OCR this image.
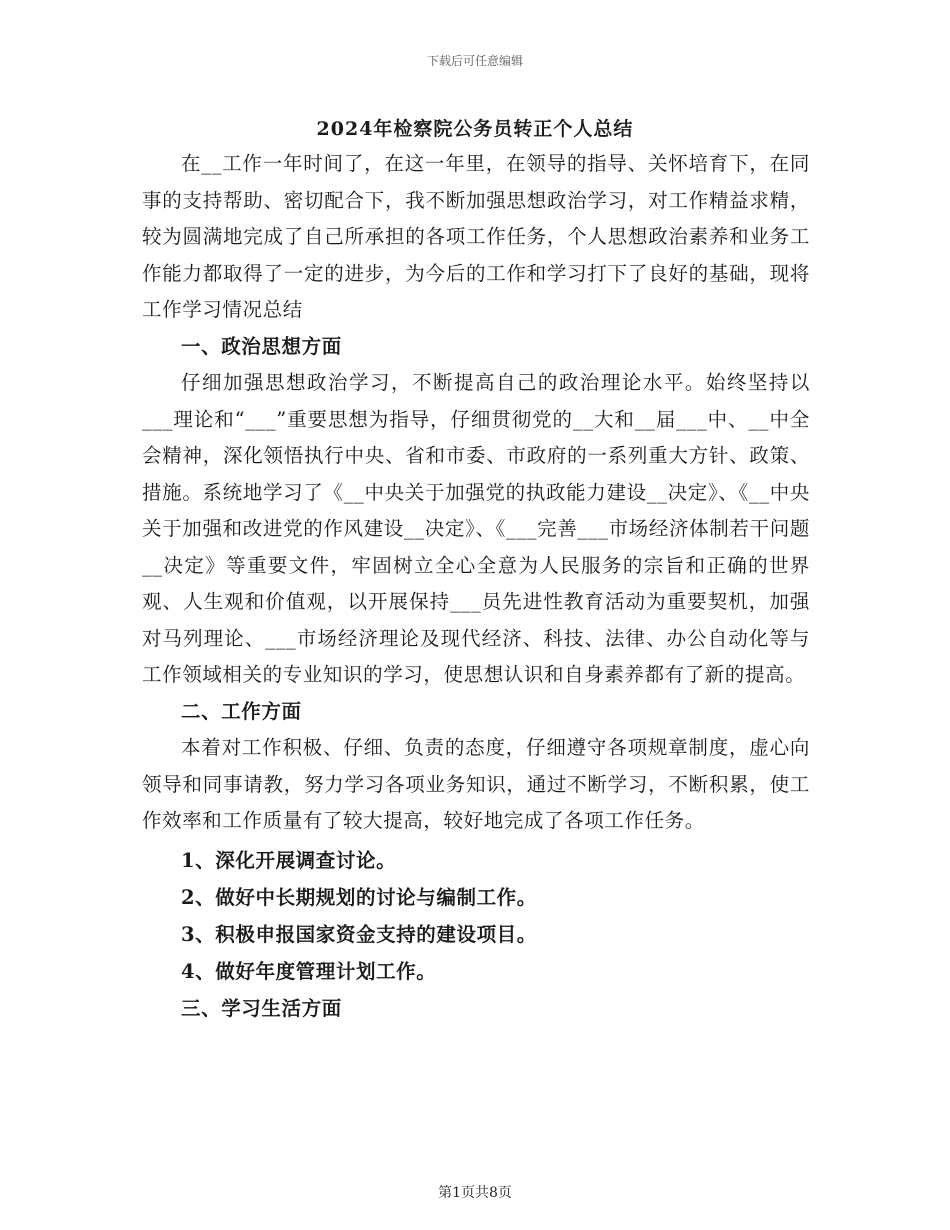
下载后可任意编辑
2024年检察院公务员转正个人总结

在__工作一年时间了，在这一年里，在领导的指导、关怀培育下，在同事的支持帮助、密切配合下，我不断加强思想政治学习，对工作精益求精，较为圆满地完成了自己所承担的各项工作任务，个人思想政治素养和业务工作能力都取得了一定的进步，为今后的工作和学习打下了良好的基础，现将工作学习情况总结

一、政治思想方面

仔细加强思想政治学习，不断提高自己的政治理论水平。始终坚持以___理论和“___”重要思想为指导，仔细贯彻党的__大和__届___中、__中全会精神，深化领悟执行中央、省和市委、市政府的一系列重大方针、政策、措施。系统地学习了《__中央关于加强党的执政能力建设__决定》、《__中央关于加强和改进党的作风建设__决定》、《___完善___市场经济体制若干问题__决定》等重要文件，牢固树立全心全意为人民服务的宗旨和正确的世界观、人生观和价值观，以开展保持___员先进性教育活动为重要契机，加强对马列理论、___市场经济理论及现代经济、科技、法律、办公自动化等与工作领域相关的专业知识的学习，使思想认识和自身素养都有了新的提高。

二、工作方面

本着对工作积极、仔细、负责的态度，仔细遵守各项规章制度，虚心向领导和同事请教，努力学习各项业务知识，通过不断学习，不断积累，使工作效率和工作质量有了较大提高，较好地完成了各项工作任务。

1、深化开展调查讨论。

2、做好中长期规划的讨论与编制工作。

3、积极申报国家资金支持的建设项目。

4、做好年度管理计划工作。

三、学习生活方面

第1页共8页
